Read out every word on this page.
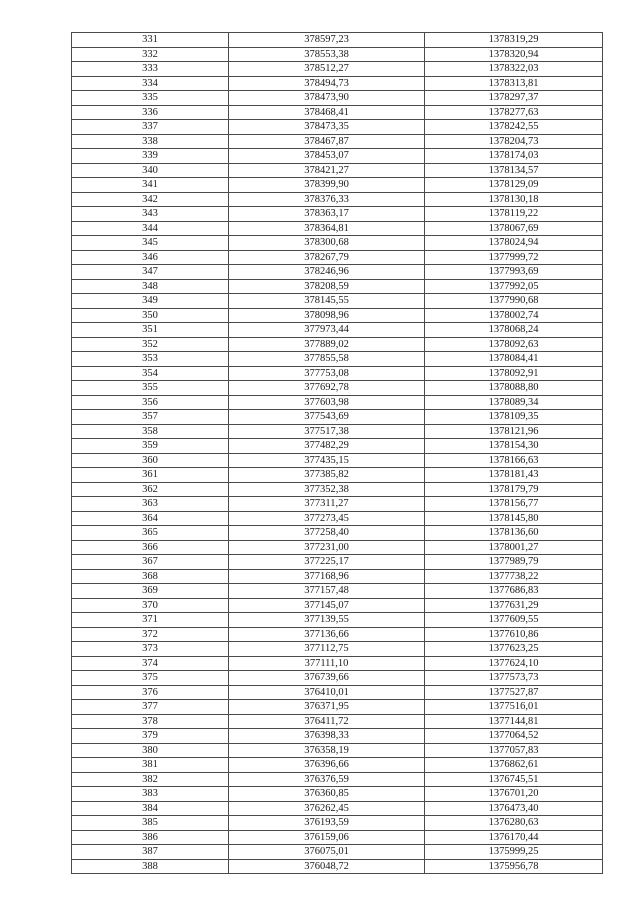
331	378597,23	1378319,29
332	378553,38	1378320,94
333	378512,27	1378322,03
334	378494,73	1378313,81
335	378473,90	1378297,37
336	378468,41	1378277,63
337	378473,35	1378242,55
338	378467,87	1378204,73
339	378453,07	1378174,03
340	378421,27	1378134,57
341	378399,90	1378129,09
342	378376,33	1378130,18
343	378363,17	1378119,22
344	378364,81	1378067,69
345	378300,68	1378024,94
346	378267,79	1377999,72
347	378246,96	1377993,69
348	378208,59	1377992,05
349	378145,55	1377990,68
350	378098,96	1378002,74
351	377973,44	1378068,24
352	377889,02	1378092,63
353	377855,58	1378084,41
354	377753,08	1378092,91
355	377692,78	1378088,80
356	377603,98	1378089,34
357	377543,69	1378109,35
358	377517,38	1378121,96
359	377482,29	1378154,30
360	377435,15	1378166,63
361	377385,82	1378181,43
362	377352,38	1378179,79
363	377311,27	1378156,77
364	377273,45	1378145,80
365	377258,40	1378136,60
366	377231,00	1378001,27
367	377225,17	1377989,79
368	377168,96	1377738,22
369	377157,48	1377686,83
370	377145,07	1377631,29
371	377139,55	1377609,55
372	377136,66	1377610,86
373	377112,75	1377623,25
374	377111,10	1377624,10
375	376739,66	1377573,73
376	376410,01	1377527,87
377	376371,95	1377516,01
378	376411,72	1377144,81
379	376398,33	1377064,52
380	376358,19	1377057,83
381	376396,66	1376862,61
382	376376,59	1376745,51
383	376360,85	1376701,20
384	376262,45	1376473,40
385	376193,59	1376280,63
386	376159,06	1376170,44
387	376075,01	1375999,25
388	376048,72	1375956,78
